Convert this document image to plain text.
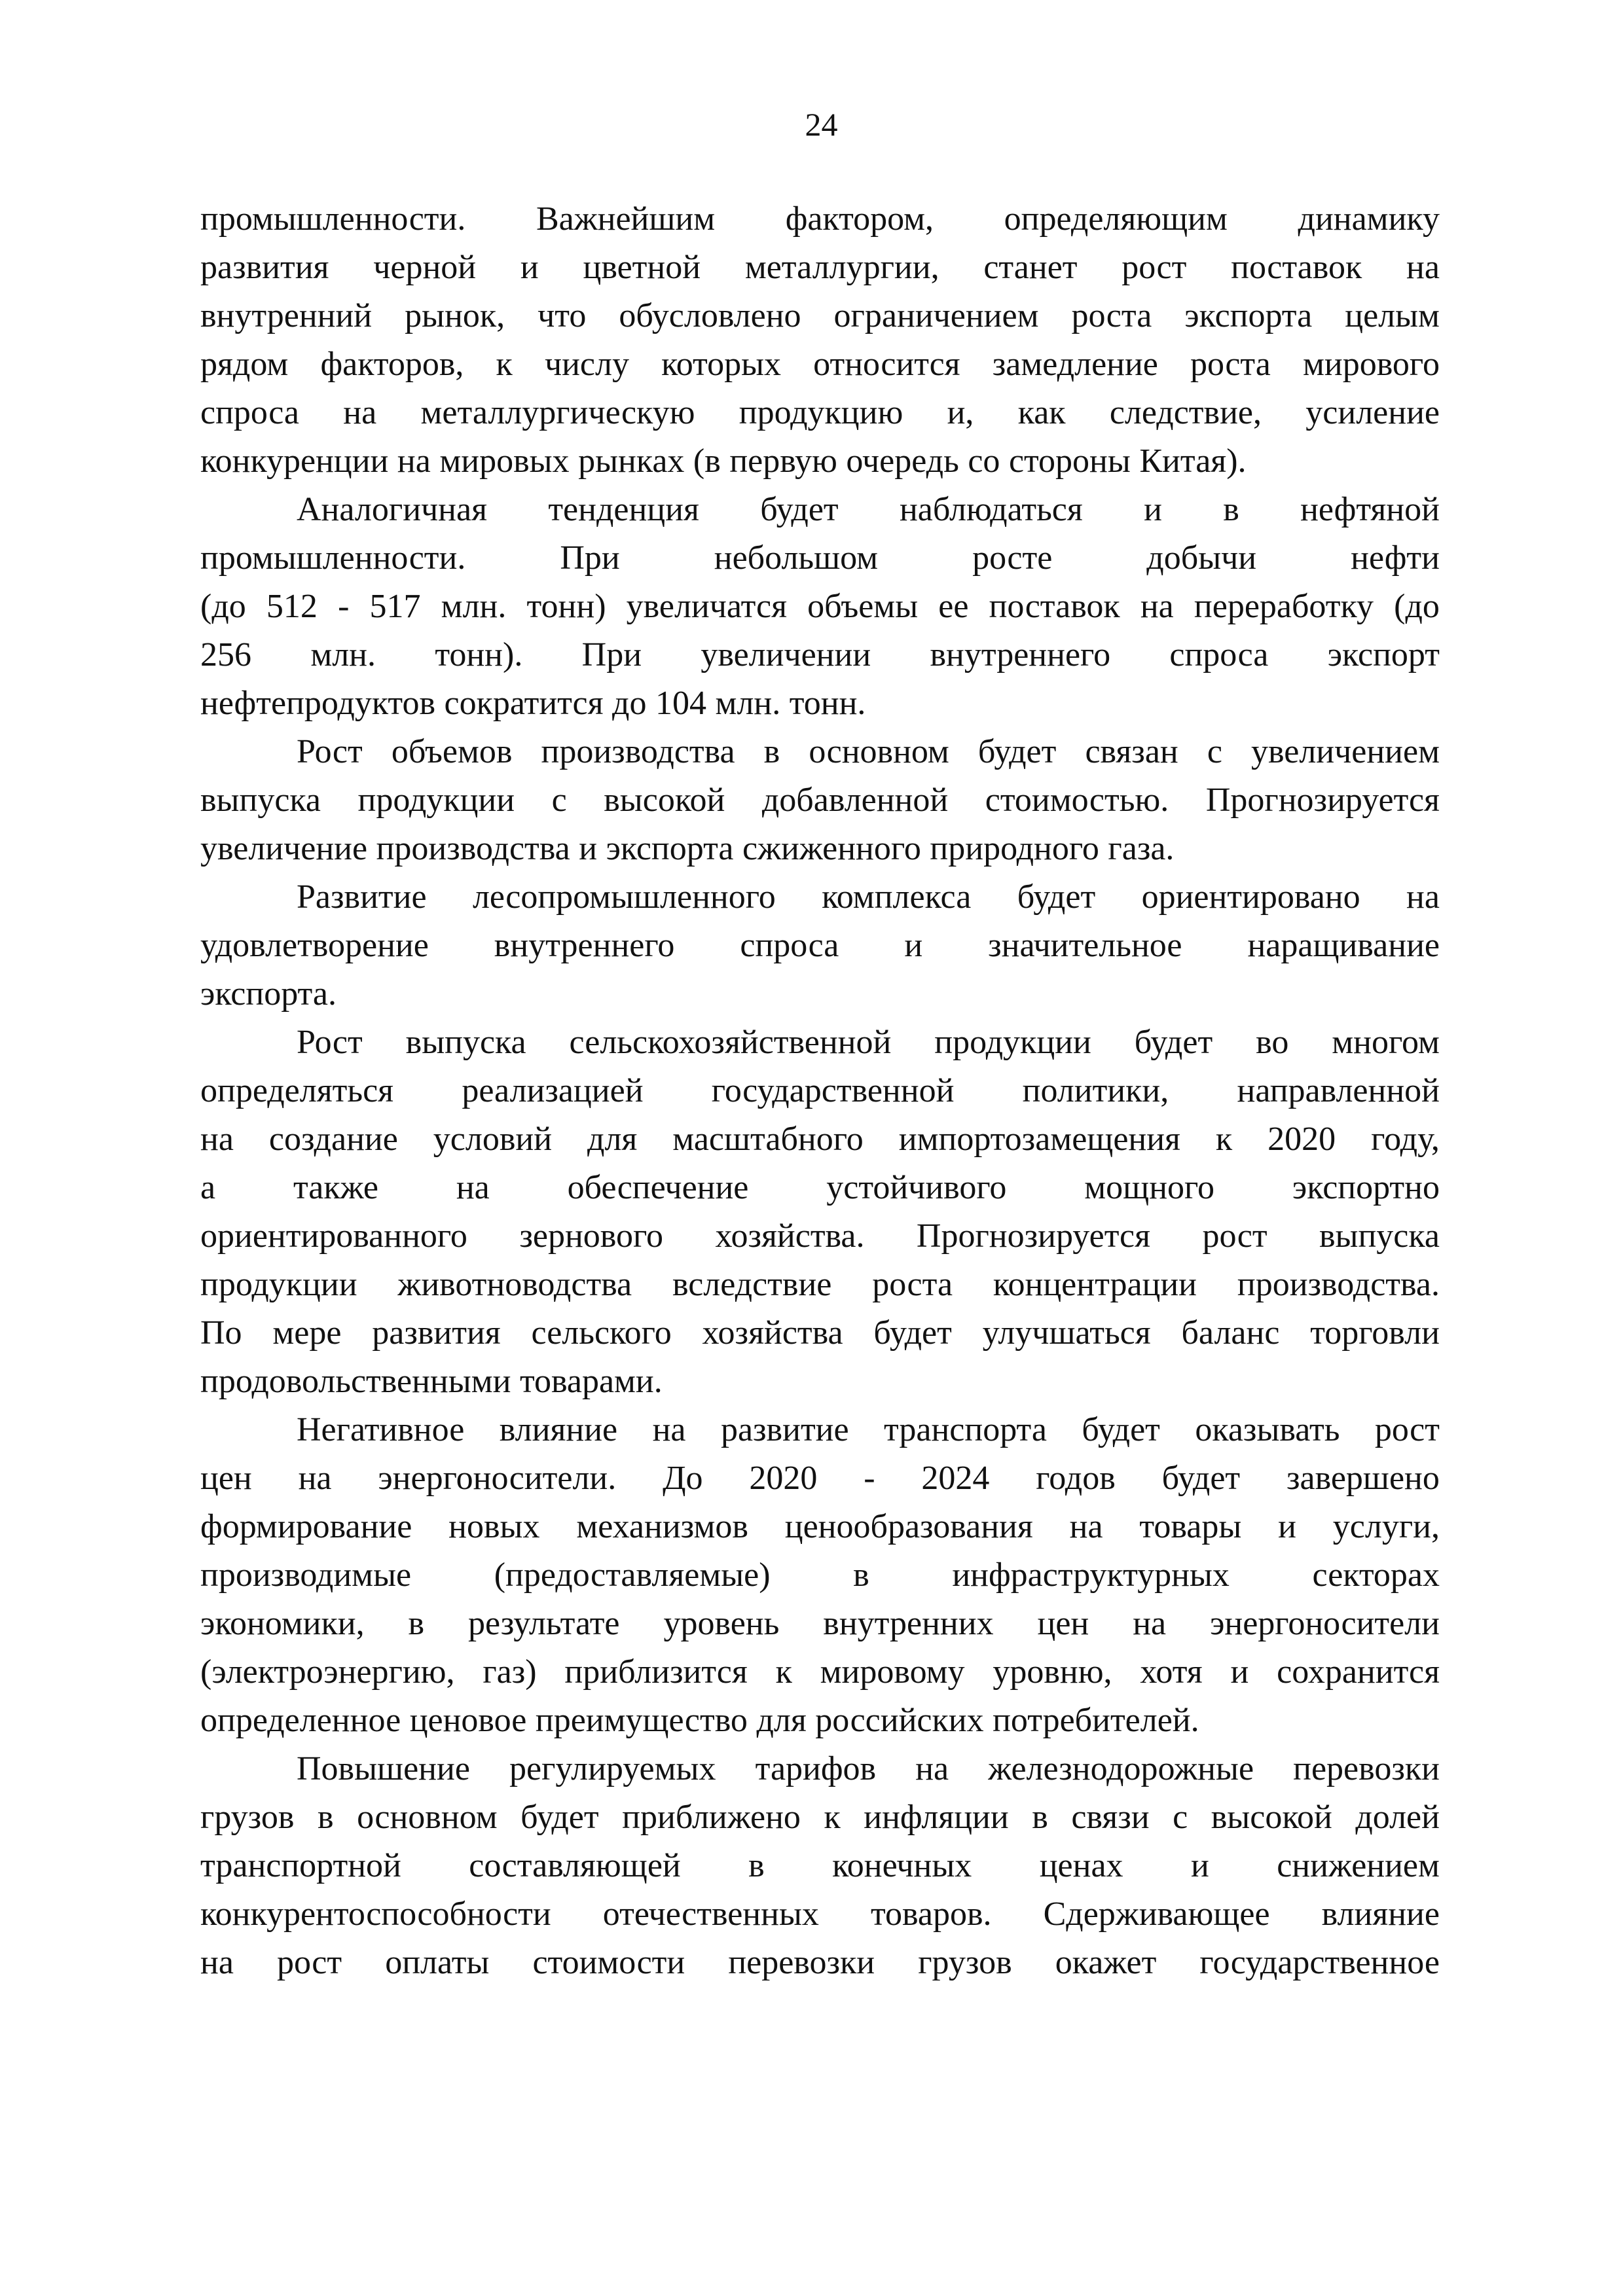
24
промышленности. Важнейшим фактором, определяющим динамику
развития черной и цветной металлургии, станет рост поставок на
внутренний рынок, что обусловлено ограничением роста экспорта целым
рядом факторов, к числу которых относится замедление роста мирового
спроса на металлургическую продукцию и, как следствие, усиление
конкуренции на мировых рынках (в первую очередь со стороны Китая).
Аналогичная тенденция будет наблюдаться и в нефтяной
промышленности.	При	небольшом	росте	добычи	нефти
(до 512 - 517 млн. тонн) увеличатся объемы ее поставок на переработку (до
256 млн. тонн). При увеличении внутреннего спроса экспорт
нефтепродуктов сократится до 104 млн. тонн.
Рост объемов производства в основном будет связан с увеличением
выпуска продукции с высокой добавленной стоимостью. Прогнозируется
увеличение производства и экспорта сжиженного природного газа.
Развитие лесопромышленного комплекса будет ориентировано на
удовлетворение внутреннего спроса и значительное наращивание
экспорта.
Рост выпуска сельскохозяйственной продукции будет во многом
определяться реализацией государственной политики, направленной
на создание условий для масштабного импортозамещения к 2020 году,
а также на обеспечение устойчивого мощного экспортно
ориентированного зернового хозяйства. Прогнозируется рост выпуска
продукции животноводства вследствие роста концентрации производства.
По мере развития сельского хозяйства будет улучшаться баланс торговли
продовольственными товарами.
Негативное влияние на развитие транспорта будет оказывать рост
цен на энергоносители. До 2020 - 2024 годов будет завершено
формирование новых механизмов ценообразования на товары и услуги,
производимые (предоставляемые) в инфраструктурных секторах
экономики, в результате уровень внутренних цен на энергоносители
(электроэнергию, газ) приблизится к мировому уровню, хотя и сохранится
определенное ценовое преимущество для российских потребителей.
Повышение регулируемых тарифов на железнодорожные перевозки
грузов в основном будет приближено к инфляции в связи с высокой долей
транспортной составляющей в конечных ценах и снижением
конкурентоспособности отечественных товаров. Сдерживающее влияние
на рост оплаты стоимости перевозки грузов окажет государственное
